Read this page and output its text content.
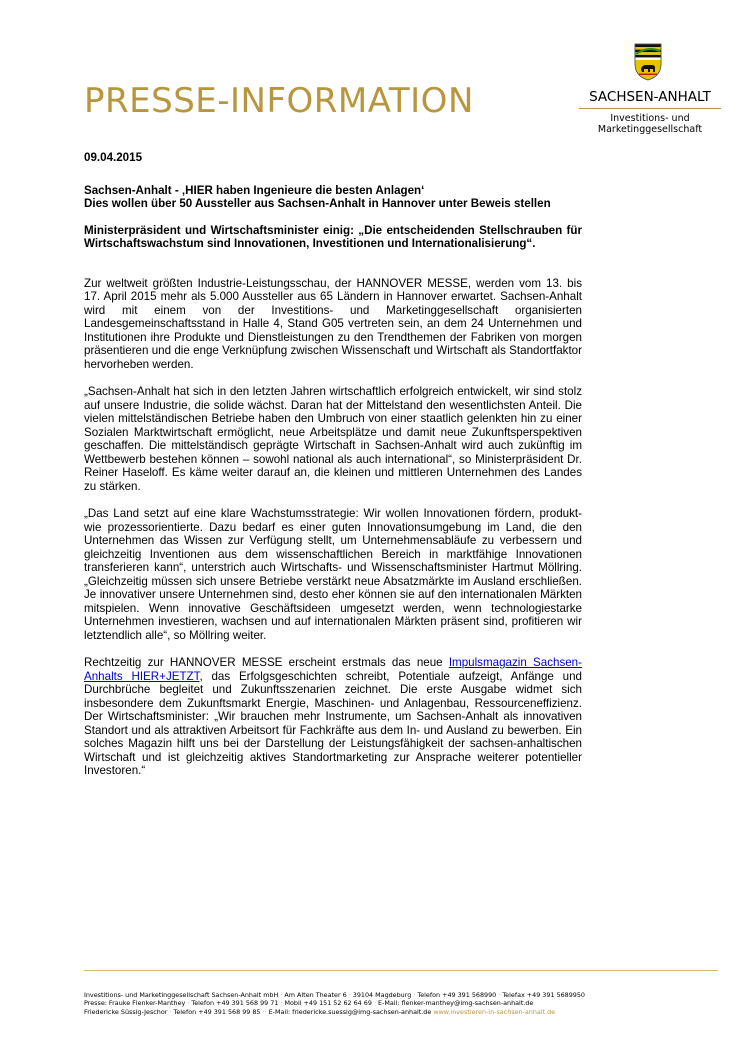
PRESSE-INFORMATION	SACHSEN-ANHALT
Investitions- und
Marketinggesellschaft

09.04.2015

Sachsen-Anhalt - ‚HIER haben Ingenieure die besten Anlagen‘
Dies wollen über 50 Aussteller aus Sachsen-Anhalt in Hannover unter Beweis stellen

Ministerpräsident und Wirtschaftsminister einig: „Die entscheidenden Stellschrauben für Wirtschaftswachstum sind Innovationen, Investitionen und Internationalisierung“.

Zur weltweit größten Industrie-Leistungsschau, der HANNOVER MESSE, werden vom 13. bis 17. April 2015 mehr als 5.000 Aussteller aus 65 Ländern in Hannover erwartet. Sachsen-Anhalt wird mit einem von der Investitions- und Marketinggesellschaft organisierten Landesgemeinschaftsstand in Halle 4, Stand G05 vertreten sein, an dem 24 Unternehmen und Institutionen ihre Produkte und Dienstleistungen zu den Trendthemen der Fabriken von morgen präsentieren und die enge Verknüpfung zwischen Wissenschaft und Wirtschaft als Standortfaktor hervorheben werden.

„Sachsen-Anhalt hat sich in den letzten Jahren wirtschaftlich erfolgreich entwickelt, wir sind stolz auf unsere Industrie, die solide wächst. Daran hat der Mittelstand den wesentlichsten Anteil. Die vielen mittelständischen Betriebe haben den Umbruch von einer staatlich gelenkten hin zu einer Sozialen Marktwirtschaft ermöglicht, neue Arbeitsplätze und damit neue Zukunftsperspektiven geschaffen. Die mittelständisch geprägte Wirtschaft in Sachsen-Anhalt wird auch zukünftig im Wettbewerb bestehen können – sowohl national als auch international“, so Ministerpräsident Dr. Reiner Haseloff. Es käme weiter darauf an, die kleinen und mittleren Unternehmen des Landes zu stärken.

„Das Land setzt auf eine klare Wachstumsstrategie: Wir wollen Innovationen fördern, produkt- wie prozessorientierte. Dazu bedarf es einer guten Innovationsumgebung im Land, die den Unternehmen das Wissen zur Verfügung stellt, um Unternehmensabläufe zu verbessern und gleichzeitig Inventionen aus dem wissenschaftlichen Bereich in marktfähige Innovationen transferieren kann“, unterstrich auch Wirtschafts- und Wissenschaftsminister Hartmut Möllring.„Gleichzeitig müssen sich unsere Betriebe verstärkt neue Absatzmärkte im Ausland erschließen. Je innovativer unsere Unternehmen sind, desto eher können sie auf den internationalen Märkten mitspielen. Wenn innovative Geschäftsideen umgesetzt werden, wenn technologiestarke Unternehmen investieren, wachsen und auf internationalen Märkten präsent sind, profitieren wir letztendlich alle“, so Möllring weiter.

Rechtzeitig zur HANNOVER MESSE erscheint erstmals das neue Impulsmagazin Sachsen-Anhalts HIER+JETZT, das Erfolgsgeschichten schreibt, Potentiale aufzeigt, Anfänge und Durchbrüche begleitet und Zukunftsszenarien zeichnet. Die erste Ausgabe widmet sich insbesondere dem Zukunftsmarkt Energie, Maschinen- und Anlagenbau, Ressourceneffizienz. Der Wirtschaftsminister: „Wir brauchen mehr Instrumente, um Sachsen-Anhalt als innovativen Standort und als attraktiven Arbeitsort für Fachkräfte aus dem In- und Ausland zu bewerben. Ein solches Magazin hilft uns bei der Darstellung der Leistungsfähigkeit der sachsen-anhaltischen Wirtschaft und ist gleichzeitig aktives Standortmarketing zur Ansprache weiterer potentieller Investoren.“

Investitions- und Marketinggesellschaft Sachsen-Anhalt mbH · Am Alten Theater 6 · 39104 Magdeburg · Telefon +49 391 568990 · Telefax +49 391 5689950
Presse: Frauke Flenker-Manthey · Telefon +49 391 568 99 71 · Mobil +49 151 52 62 64 69 · E-Mail: flenker-manthey@img-sachsen-anhalt.de
Friedericke Süssig-Jeschor · Telefon +49 391 568 99 85 ·· E-Mail: friedericke.suessig@img-sachsen-anhalt.de www.investieren-in-sachsen-anhalt.de
